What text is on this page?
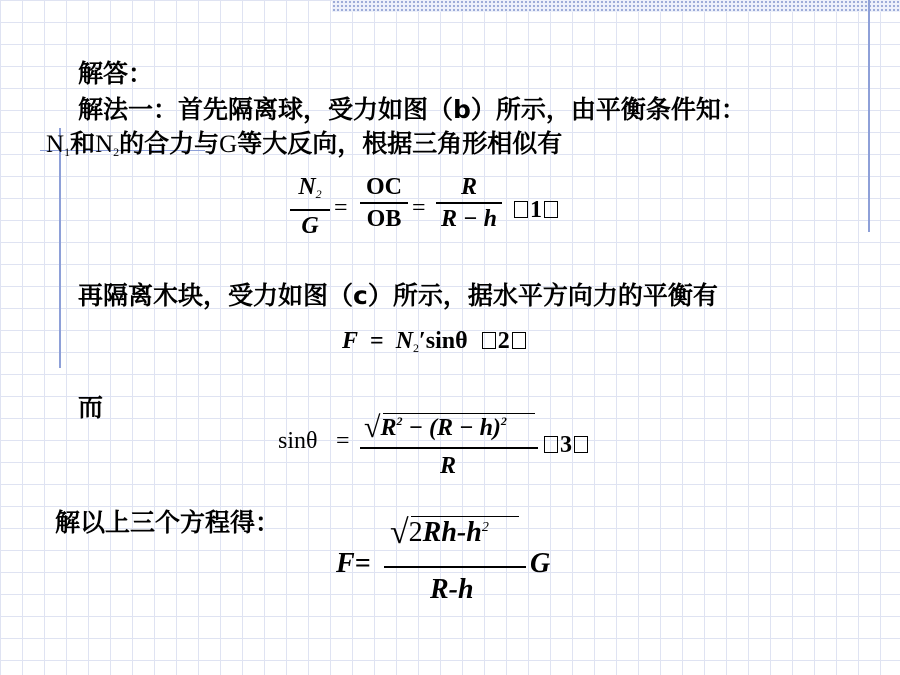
解答：
解法一：首先隔离球，受力如图（b）所示，由平衡条件知：
$N_1$和$N_2$的合力与G等大反向，根据三角形相似有
$N_2$
G
=
OC
OB =
R
R − h	1
再隔离木块，受力如图（c）所示，据水平方向力的平衡有
$F = N_2'\sin\theta$ 2
而
$\sin\theta = √R^2 - (R - h)^2$
R
3
解以上三个方程得：
F=
$√2Rh-h^2$
R-h
G
